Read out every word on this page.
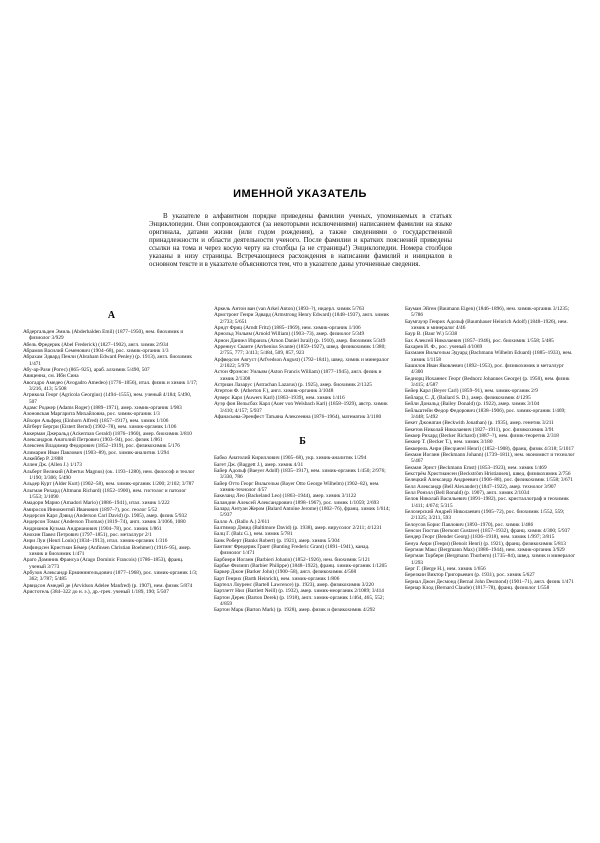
ИМЕННОЙ УКАЗАТЕЛЬ

В указателе в алфавитном порядке приведены фамилии ученых, упоминаемых в статьях Энциклопедии. Они сопровождаются (за некоторыми исключениями) написанием фамилии на языке оригинала, датами жизни (или годом рождения), а также сведениями о государственной принадлежности и области деятельности ученого. После фамилии и кратких пояснений приведены ссылки на тома и через косую черту на столбцы (а не страницы!) Энциклопедии. Номера столбцов указаны в низу страницы. Встречающиеся расхождения в написании фамилий и инициалов в основном тексте и в указателе объясняются тем, что в указателе даны уточненные сведения.

А
Абдергальден Эмиль (Abderhalden Emil) (1877–1950), нем. биохимик и физиолог 3/929
Абель Фредерик (Abel Frederick) (1827–1902), англ. химик 2/934
Абрамов Василий Семенович (1904–68), рос. химик-органик 1/3
Абрахам Эдвард Пенли (Abraham Edward Penley) (р. 1913), англ. биохимик 1/471
Абу-ар-Рази (Рогес) (865–925), араб. алхимик 5/490, 507
Авиценна, см. Ибн Сина
Авогадро Амедео (Avogadro Amedeo) (1776–1856), итал. физик и химик 1/17; 3/216, 413; 5/508
Агрикола Георг (Agricola Georgius) (1494–1555), нем. ученый 4/184; 5/490, 507
Адамс Роджер (Adams Roger) (1889–1971), амер. химик-органик 1/983
Азоновская Маргарита Михайловна, рос. химик-органик 1/3
Айхорн Альфред (Einhorn Alfred) (1857–1917), нем. химик 1/106
Айгберт Бергри (Eistert Bernd) (1902–78), нем. химик-органик 1/106
Аккерман Джеральд (Ackerman Gerald) (1876–1960), амер. биохимик 3/810
Александров Анатолий Петрович (1903–94), рос. физик 1/861
Алексеев Владимир Федорович (1852–1919), рос. физикохимик 5/176
Алимарин Иван Павлович (1903–89), рос. химик-аналитик 1/294
Алкейбер Р. 2/888
Аллен Дж. (Allen J.) 1/173
Альберт Великий (Albertus Magnus) (ок. 1193–1280), нем. философ и теолог 1/190; 3/306; 5/490
Альдер Курт (Alder Kurt) (1902–58), нем. химик-органик 1/200; 2/102; 3/787
Альтман Рихард (Altmann Richard) (1852–1900), нем. гистолог и патолог 1/553; 3/1090
Амадори Марио (Amadori Mario) (1886–1941), итал. химик 1/222
Амиросов Иннокентий Иванович (1897–?), рос. геолог 5/52
Андерсон Карл Дэвид (Anderson Carl David) (р. 1905), амер. физик 5/932
Андерсон Томас (Anderson Thomas) (1819–74), англ. химик 3/1066, 1080
Андрианов Кузьма Андрианович (1904–78), рос. химик 1/861
Анохин Павел Петрович (1797–1851), рос. металлург 2/1
Анри Луи (Henri Louis) (1834–1913), итал. химик-органик 1/316
Анфиндсен Кристиан Бёмер (Anfinsen Christian Boehmer) (1916–95), амер. химик и биохимик 1/471
Араго Доминик Франсуа (Arago Dominic Francois) (1786–1853), франц. ученый 3/773
Арбузов Александр Ерминингельдович (1877–1968), рос. химик-органик 1/3; 362; 3/787; 5/485
Арвидсон Амедей де (Arvidson Adelee Manfred) (р. 1907), нем. физик 5/874
Аристотель (384–322 до н. э.), др.-греч. ученый 1/189, 190; 5/507
Аркель Антон ван (van Arkel Anton) (1893–?), нидерл. химик 5/763
Армстронг Генри Эдвард (Armstrong Henry Edward) (1848–1937), англ. химик 2/733; 5/651
Арндт Фриц (Arndt Fritz) (1885–1969), нем. химик-органик 1/106
Арнольд Уильям (Arnold William) (1903–73), амер. физиолог 5/349
Арнон Даниел Израиль (Arnon Daniel Israil) (р. 1910), амер. биохимик 5/349
Аррениус Сванте (Arrhenius Svante) (1859–1927), швед. физикохимик 1/380; 2/755, 777; 3/413; 5/484, 509, 857, 923
Арфведсон Август (Arfvedson August) (1792–1841), швед. химик и минералог 2/1022; 5/979
Астон Фрэнсис Уильям (Aston Francis William) (1877–1945), англ. физик и химик 2/1308
Астриан Лазарус (Astrachan Lazarus) (р. 1925), амер. биохимик 2/1325
Атертон Ф. (Atherton F.), англ. химик-органик 3/1048
Ауверс Карл (Auwers Karl) (1863–1939), нем. химик 1/416
Ауэр фон Вельсбах Карл (Auer von Welsbach Karl) (1858–1929), австр. химик 3/410; 4/157; 5/937
Афанасьева-Эренфест Татьяна Алексеевна (1876–1964), математик 3/1180
Б
Бабко Анатолий Кириллович (1905–68), укр. химик-аналитик 1/294
Багет Дж. (Baggett J.), амер. химик 4/31
Байер Адольф (Baeyer Adolf) (1835–1917), нем. химик-органик 1/450; 2/976; 3/330, 786
Байер Отто Георг Вильгельм (Bayer Otto George Wilhelm) (1902–82), нем. химик-технолог 4/57
Бакеланд Лео (Backeland Leo) (1863–1944), амер. химик 3/1122
Баландин Алексей Александрович (1898–1967), рос. химик 1/1059; 2/693
Балард Антуан Жером (Balard Antoine Jerome) (1802–76), франц. химик 1/614; 5/937
Балло А. (Ballo A.) 2/611
Балтимор Дэвид (Baltimore David) (р. 1938), амер. вирусолог 2/211; 4/1231
Балц Г. (Balz G.), нем. химик 5/781
Банк Роберт (Banks Robert) (р. 1921), амер. химик 5/304
Бантинг Фредерик Грант (Banting Frederic Grant) (1891–1941), канад. физиолог 1/471
Барбиери Иоганн (Barbieri Johann) (1852–1926), нем. биохимик 5/121
Барбье Филипп (Barbier Philippe) (1848–1922), франц. химик-органик 1/1205
Баркер Джон (Barker John) (1900–58), англ. физикохимик 4/568
Барт Генрих (Barth Heinrich), нем. химик-органик 1/806
Бартелл Лоуренс (Bartell Lawrence) (р. 1923), амер. физикохимик 3/220
Бартлетт Нил (Bartlett Neill) (р. 1932), амер. химик-неорганик 2/1089; 3/414
Бартон Дерек (Barton Derek) (р. 1918), англ. химик-органик 1/464, 465, 552; 4/859
Бартон Марк (Barton Mark) (р. 1928), амер. физик и физикохимик 4/292
Бауман Эйген (Baumann Eigen) (1846–1896), нем. химик-органик 3/1235; 5/786
Баумгауэр Генрих Адольф (Baumhauer Heinrich Adolf) (1848–1926), нем. химик и минералог 4/46
Баур В. (Baur W.) 5/338
Бах Алексей Николаевич (1857–1946), рос. биохимик 1/558; 5/485
Бахарев И. Ф., рос. ученый 4/1069
Бахманн Вильгельм Эдуард (Bachmann Wilhelm Eduard) (1885–1933), нем. химик 1/1158
Башилов Иван Яковлевич (1892–1953), рос. физикохимик и металлург 4/300
Беднорц Иоханнес Георг (Bednorz Johannes George) (р. 1950), нем. физик 3/415; 4/587
Бейер Карл (Beyer Carl) (1859–91), нем. химик-органик 2/9
Бейлард С. Д. (Bailard S. D.), амер. физикохимик 4/1295
Бейли Дональд (Bailey Donald) (р. 1922), амер. химик 3/104
Бейльштейн Федор Федорович (1838–1906), рос. химик-органик 1/469; 3/448; 5/492
Бекет Джонатан (Beckwith Jonathan) (р. 1935), амер. генетик 3/211
Бекетов Николай Николаевич (1827–1911), рос. физикохимик 3/91
Беккер Рихард (Becker Richard) (1887–?), нем. физик-теоретик 2/318
Беккер Т. (Becker T.), нем. химик 3/180
Беккерель Анри (Becquerel Henri) (1852–1908), франц. физик 4/318; 5/1017
Бекман Иоганн (Beckmann Johann) (1739–1811), нем. экономист и технолог 5/467
Бекман Эрнст (Beckmann Ernst) (1853–1923), нем. химик 1/469
Бекстрём Христиансен (Beckström Hristiansen), швед. физикохимик 2/756
Белецкий Александр Андреевич (1906–88), рос. физикохимик 1/558; 3/671
Белл Александр (Bell Alexander) (1847–1922), амер. технолог 3/907
Белл Ронэлл (Bell Ronald) (р. 1907), англ. химик 2/1034
Белов Николай Васильевич (1891–1982), рос. кристаллограф и геохимик 1/411; 4/674; 5/315
Белозерский Андрей Николаевич (1905–72), рос. биохимик 1/552, 559; 2/1325; 3/211, 593
Белоусов Борис Павлович (1893–1970), рос. химик 1/486
Бенсон Гюстав (Bernont Gustave) (1857–1932), франц. химик 4/300; 5/937
Бендер Георг (Bender Georg) (1836–1918), нем. химик 1/997; 3/815
Бенуа Анри (Генри) (Benoit Henri) (р. 1921), франц. физикохимик 5/813
Бергман Макс (Bergmann Max) (1886–1944), нем. химик-органик 3/929
Бергман Торберн (Bergmann Thorbern) (1735–84), швед. химик и минералог 1/293
Берг Г. (Berge H.), нем. химик 1/656
Березкин Виктор Григорьевич (р. 1931), рос. химик 5/627
Бернал Джон Десмонд (Bernal John Desmond) (1901–71), англ. физик 1/471
Бернар Клод (Bernard Claude) (1817–78), франц. физиолог 1/558
